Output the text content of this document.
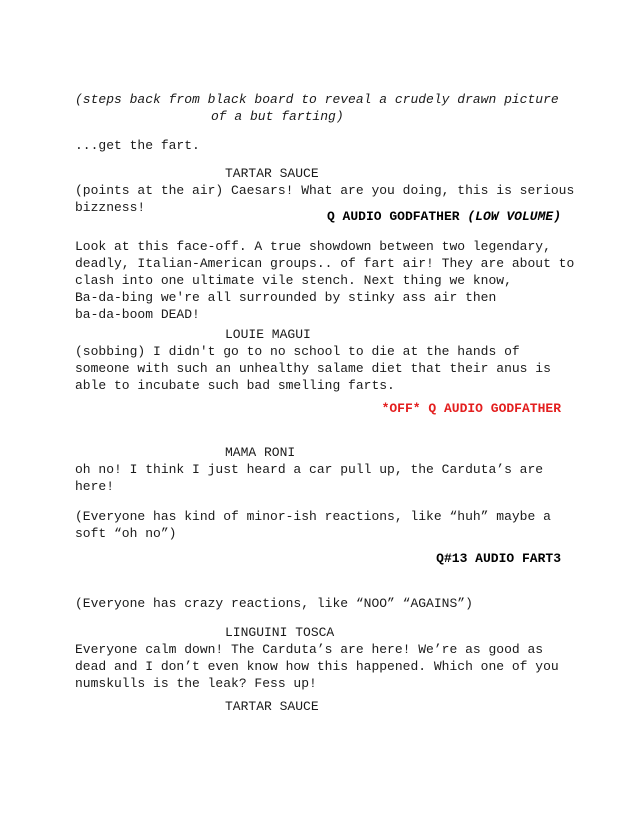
(steps back from black board to reveal a crudely drawn picture

of a but farting)

...get the fart.

TARTAR SAUCE

(points at the air) Caesars! What are you doing, this is serious

bizzness!

Q AUDIO GODFATHER (LOW VOLUME)

Look at this face-off. A true showdown between two legendary,

deadly, Italian-American groups.. of fart air! They are about to

clash into one ultimate vile stench. Next thing we know,

Ba-da-bing we're all surrounded by stinky ass air then

ba-da-boom DEAD!

LOUIE MAGUI

(sobbing) I didn't go to no school to die at the hands of

someone with such an unhealthy salame diet that their anus is

able to incubate such bad smelling farts.

*OFF* Q AUDIO GODFATHER

MAMA RONI

oh no! I think I just heard a car pull up, the Carduta’s are

here!

(Everyone has kind of minor-ish reactions, like “huh” maybe a

soft “oh no”)

Q#13 AUDIO FART3

(Everyone has crazy reactions, like “NOO” “AGAINS”)

LINGUINI TOSCA

Everyone calm down! The Carduta’s are here! We’re as good as

dead and I don’t even know how this happened. Which one of you

numskulls is the leak? Fess up!

TARTAR SAUCE
